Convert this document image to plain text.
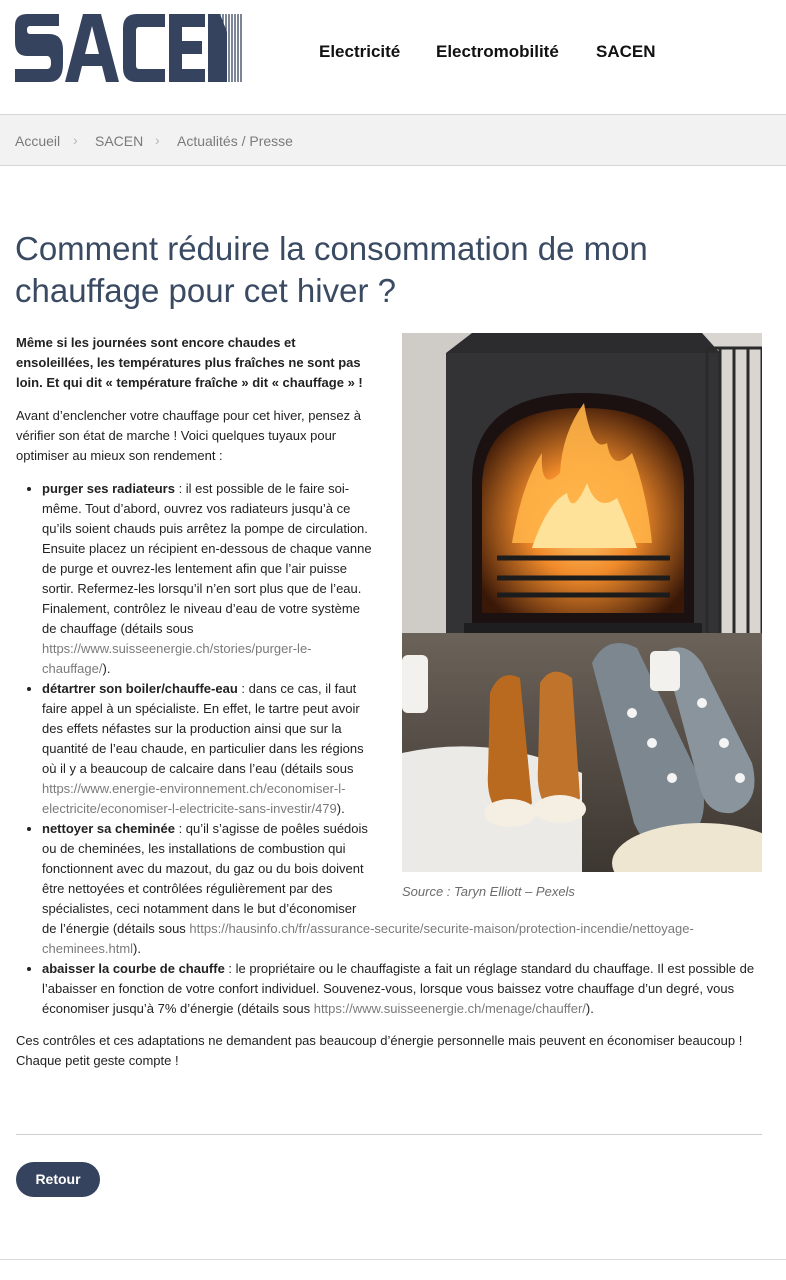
Electricité Electromobilité SACEN
Accueil › SACEN › Actualités / Presse
Comment réduire la consommation de mon chauffage pour cet hiver ?
Source : Taryn Elliott – Pexels

Même si les journées sont encore chaudes et ensoleillées, les températures plus fraîches ne sont pas loin. Et qui dit « température fraîche » dit « chauffage » !

Avant d’enclencher votre chauffage pour cet hiver, pensez à vérifier son état de marche ! Voici quelques tuyaux pour optimiser au mieux son rendement :

• purger ses radiateurs : il est possible de le faire soi-même. Tout d’abord, ouvrez vos radiateurs jusqu’à ce qu’ils soient chauds puis arrêtez la pompe de circulation. Ensuite placez un récipient en-dessous de chaque vanne de purge et ouvrez-les lentement afin que l’air puisse sortir. Refermez-les lorsqu’il n’en sort plus que de l’eau. Finalement, contrôlez le niveau d’eau de votre système de chauffage (détails sous https://www.suisseenergie.ch/stories/purger-le-chauffage/).
• détartrer son boiler/chauffe-eau : dans ce cas, il faut faire appel à un spécialiste. En effet, le tartre peut avoir des effets néfastes sur la production ainsi que sur la quantité de l’eau chaude, en particulier dans les régions où il y a beaucoup de calcaire dans l’eau (détails sous https://www.energie-environnement.ch/economiser-l-electricite/economiser-l-electricite-sans-investir/479).
• nettoyer sa cheminée : qu’il s’agisse de poêles suédois ou de cheminées, les installations de combustion qui fonctionnent avec du mazout, du gaz ou du bois doivent être nettoyées et contrôlées régulièrement par des spécialistes, ceci notamment dans le but d’économiser de l’énergie (détails sous https://hausinfo.ch/fr/assurance-securite/securite-maison/protection-incendie/nettoyage-cheminees.html).
• abaisser la courbe de chauffe : le propriétaire ou le chauffagiste a fait un réglage standard du chauffage. Il est possible de l’abaisser en fonction de votre confort individuel. Souvenez-vous, lorsque vous baissez votre chauffage d’un degré, vous économiser jusqu’à 7% d’énergie (détails sous https://www.suisseenergie.ch/menage/chauffer/).

Ces contrôles et ces adaptations ne demandent pas beaucoup d’énergie personnelle mais peuvent en économiser beaucoup ! Chaque petit geste compte !

Retour
